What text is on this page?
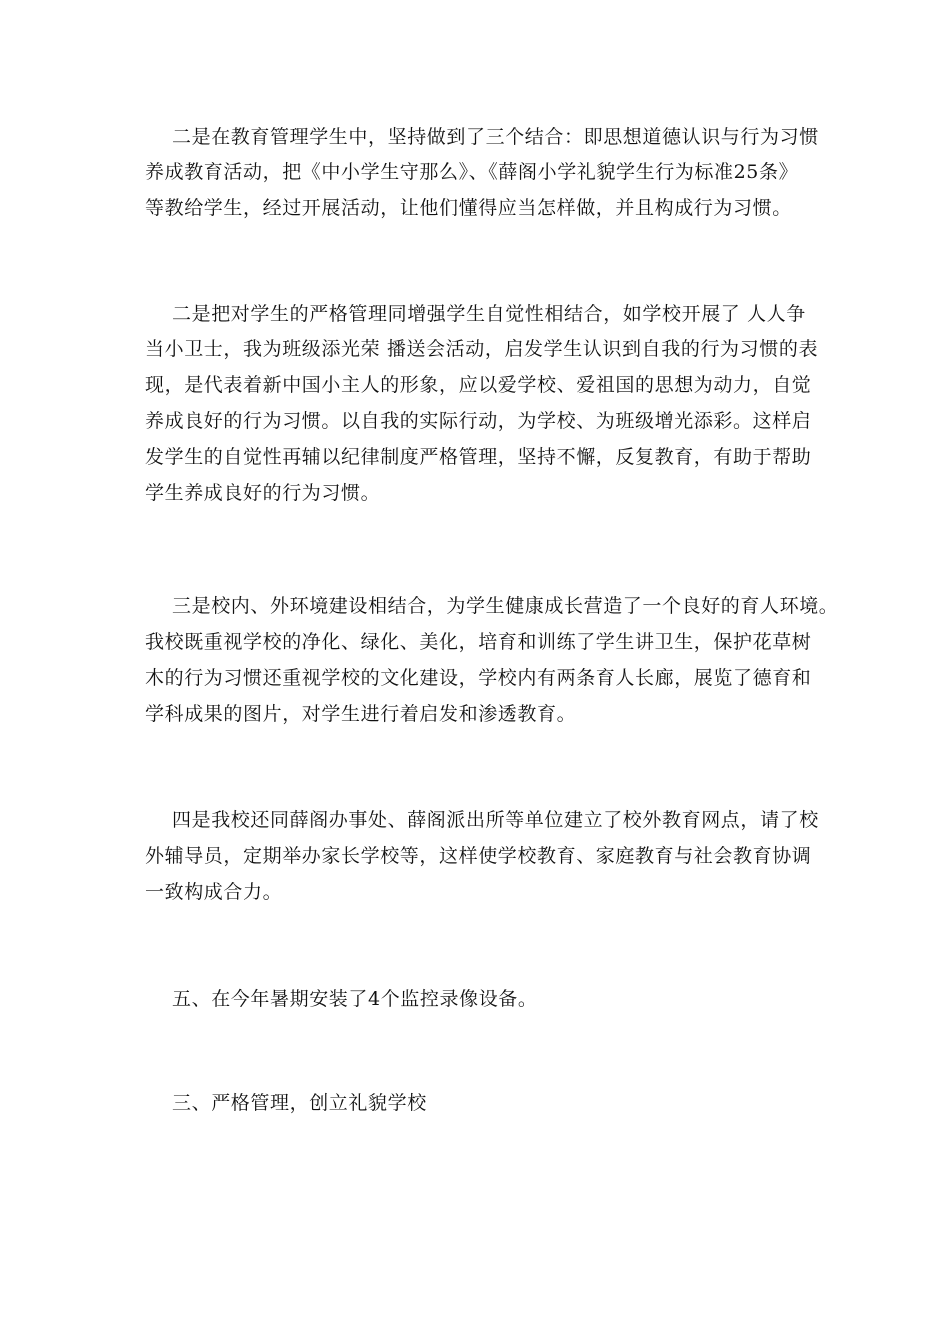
二是在教育管理学生中，坚持做到了三个结合：即思想道德认识与行为习惯
养成教育活动，把《中小学生守那么》、《薛阁小学礼貌学生行为标准25条》
等教给学生，经过开展活动，让他们懂得应当怎样做，并且构成行为习惯。
二是把对学生的严格管理同增强学生自觉性相结合，如学校开展了 人人争
当小卫士，我为班级添光荣 播送会活动，启发学生认识到自我的行为习惯的表
现，是代表着新中国小主人的形象，应以爱学校、爱祖国的思想为动力，自觉
养成良好的行为习惯。以自我的实际行动，为学校、为班级增光添彩。这样启
发学生的自觉性再辅以纪律制度严格管理，坚持不懈，反复教育，有助于帮助
学生养成良好的行为习惯。
三是校内、外环境建设相结合，为学生健康成长营造了一个良好的育人环境。
我校既重视学校的净化、绿化、美化，培育和训练了学生讲卫生，保护花草树
木的行为习惯还重视学校的文化建设，学校内有两条育人长廊，展览了德育和
学科成果的图片，对学生进行着启发和渗透教育。
四是我校还同薛阁办事处、薛阁派出所等单位建立了校外教育网点，请了校
外辅导员，定期举办家长学校等，这样使学校教育、家庭教育与社会教育协调
一致构成合力。
五、在今年暑期安装了4个监控录像设备。
三、严格管理，创立礼貌学校
